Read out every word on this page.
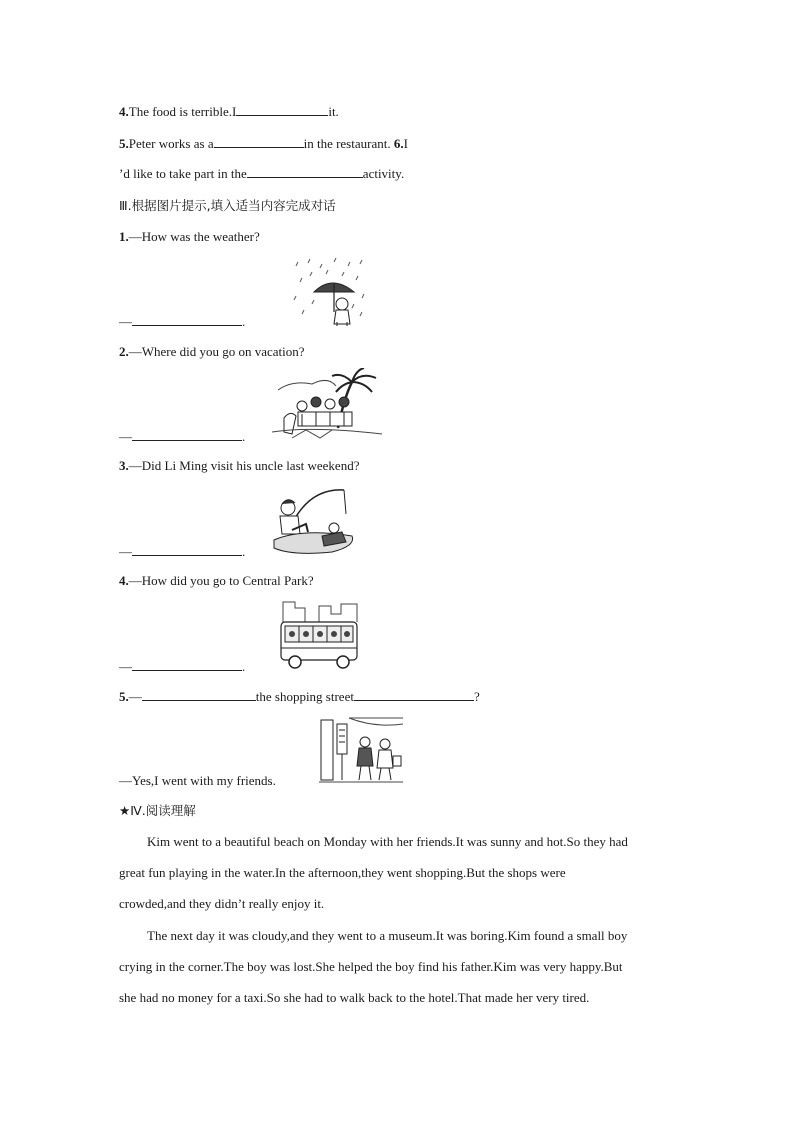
4.The food is terrible.I	it.
5.Peter works as a	in the restaurant. 6.I
’d like to take part in the	activity.
Ⅲ.根据图片提示,填入适当内容完成对话
1.—How was the weather?
—	.
2.—Where did you go on vacation?
—	.
3.—Did Li Ming visit his uncle last weekend?
—	.
4.—How did you go to Central Park?
—	.
5.—	the shopping street	?
—Yes,I went with my friends.
★Ⅳ.阅读理解
Kim went to a beautiful beach on Monday with her friends.It was sunny and hot.So they had
great fun playing in the water.In the afternoon,they went shopping.But the shops were
crowded,and they didn’t really enjoy it.
The next day it was cloudy,and they went to a museum.It was boring.Kim found a small boy
crying in the corner.The boy was lost.She helped the boy find his father.Kim was very happy.But
she had no money for a taxi.So she had to walk back to the hotel.That made her very tired.
